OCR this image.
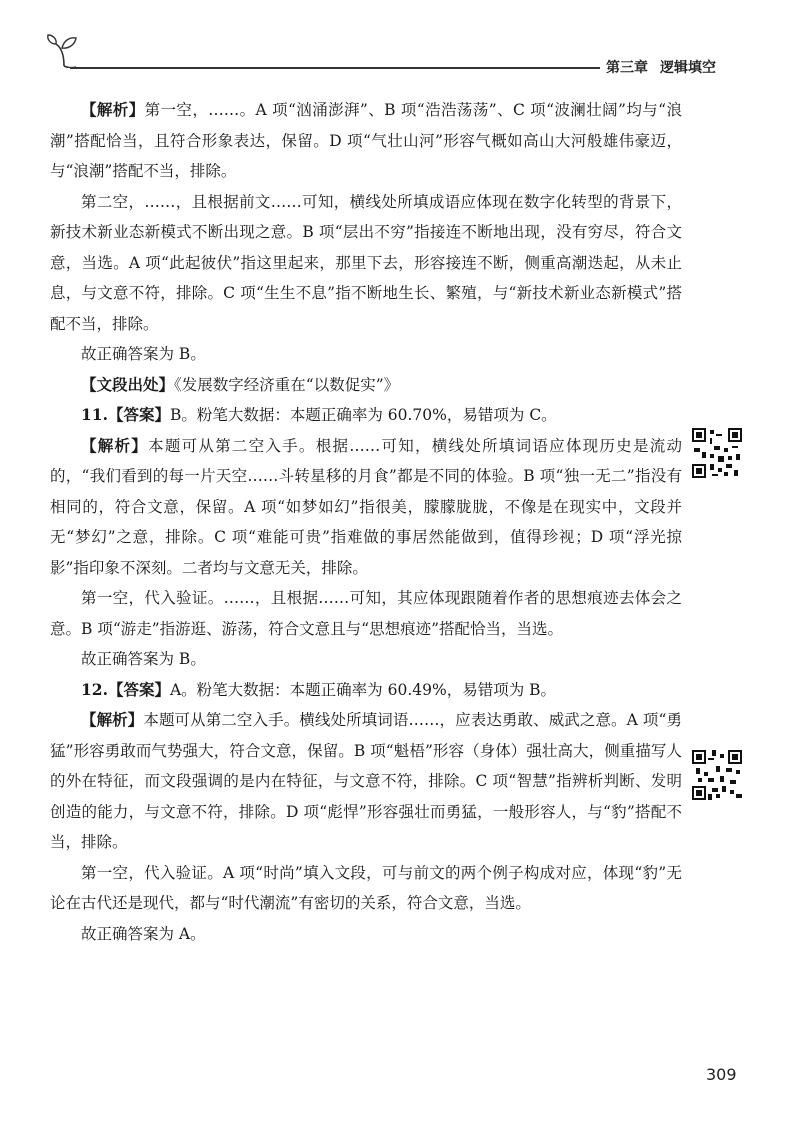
第三章 逻辑填空

【解析】第一空，……。A 项“汹涌澎湃”、B 项“浩浩荡荡”、C 项“波澜壮阔”均与“浪潮”搭配恰当，且符合形象表达，保留。D 项“气壮山河”形容气概如高山大河般雄伟豪迈，与“浪潮”搭配不当，排除。

第二空，……，且根据前文……可知，横线处所填成语应体现在数字化转型的背景下，新技术新业态新模式不断出现之意。B 项“层出不穷”指接连不断地出现，没有穷尽，符合文意，当选。A 项“此起彼伏”指这里起来，那里下去，形容接连不断，侧重高潮迭起，从未止息，与文意不符，排除。C 项“生生不息”指不断地生长、繁殖，与“新技术新业态新模式”搭配不当，排除。

故正确答案为 B。

【文段出处】《发展数字经济重在“以数促实”》

11.【答案】B。粉笔大数据：本题正确率为 60.70%，易错项为 C。

【解析】本题可从第二空入手。根据……可知，横线处所填词语应体现历史是流动的，“我们看到的每一片天空……斗转星移的月食”都是不同的体验。B 项“独一无二”指没有相同的，符合文意，保留。A 项“如梦如幻”指很美，朦朦胧胧，不像是在现实中，文段并无“梦幻”之意，排除。C 项“难能可贵”指难做的事居然能做到，值得珍视；D 项“浮光掠影”指印象不深刻。二者均与文意无关，排除。

第一空，代入验证。……，且根据……可知，其应体现跟随着作者的思想痕迹去体会之意。B 项“游走”指游逛、游荡，符合文意且与“思想痕迹”搭配恰当，当选。

故正确答案为 B。

12.【答案】A。粉笔大数据：本题正确率为 60.49%，易错项为 B。

【解析】本题可从第二空入手。横线处所填词语……，应表达勇敢、威武之意。A 项“勇猛”形容勇敢而气势强大，符合文意，保留。B 项“魁梧”形容（身体）强壮高大，侧重描写人的外在特征，而文段强调的是内在特征，与文意不符，排除。C 项“智慧”指辨析判断、发明创造的能力，与文意不符，排除。D 项“彪悍”形容强壮而勇猛，一般形容人，与“豹”搭配不当，排除。

第一空，代入验证。A 项“时尚”填入文段，可与前文的两个例子构成对应，体现“豹”无论在古代还是现代，都与“时代潮流”有密切的关系，符合文意，当选。

故正确答案为 A。

309
